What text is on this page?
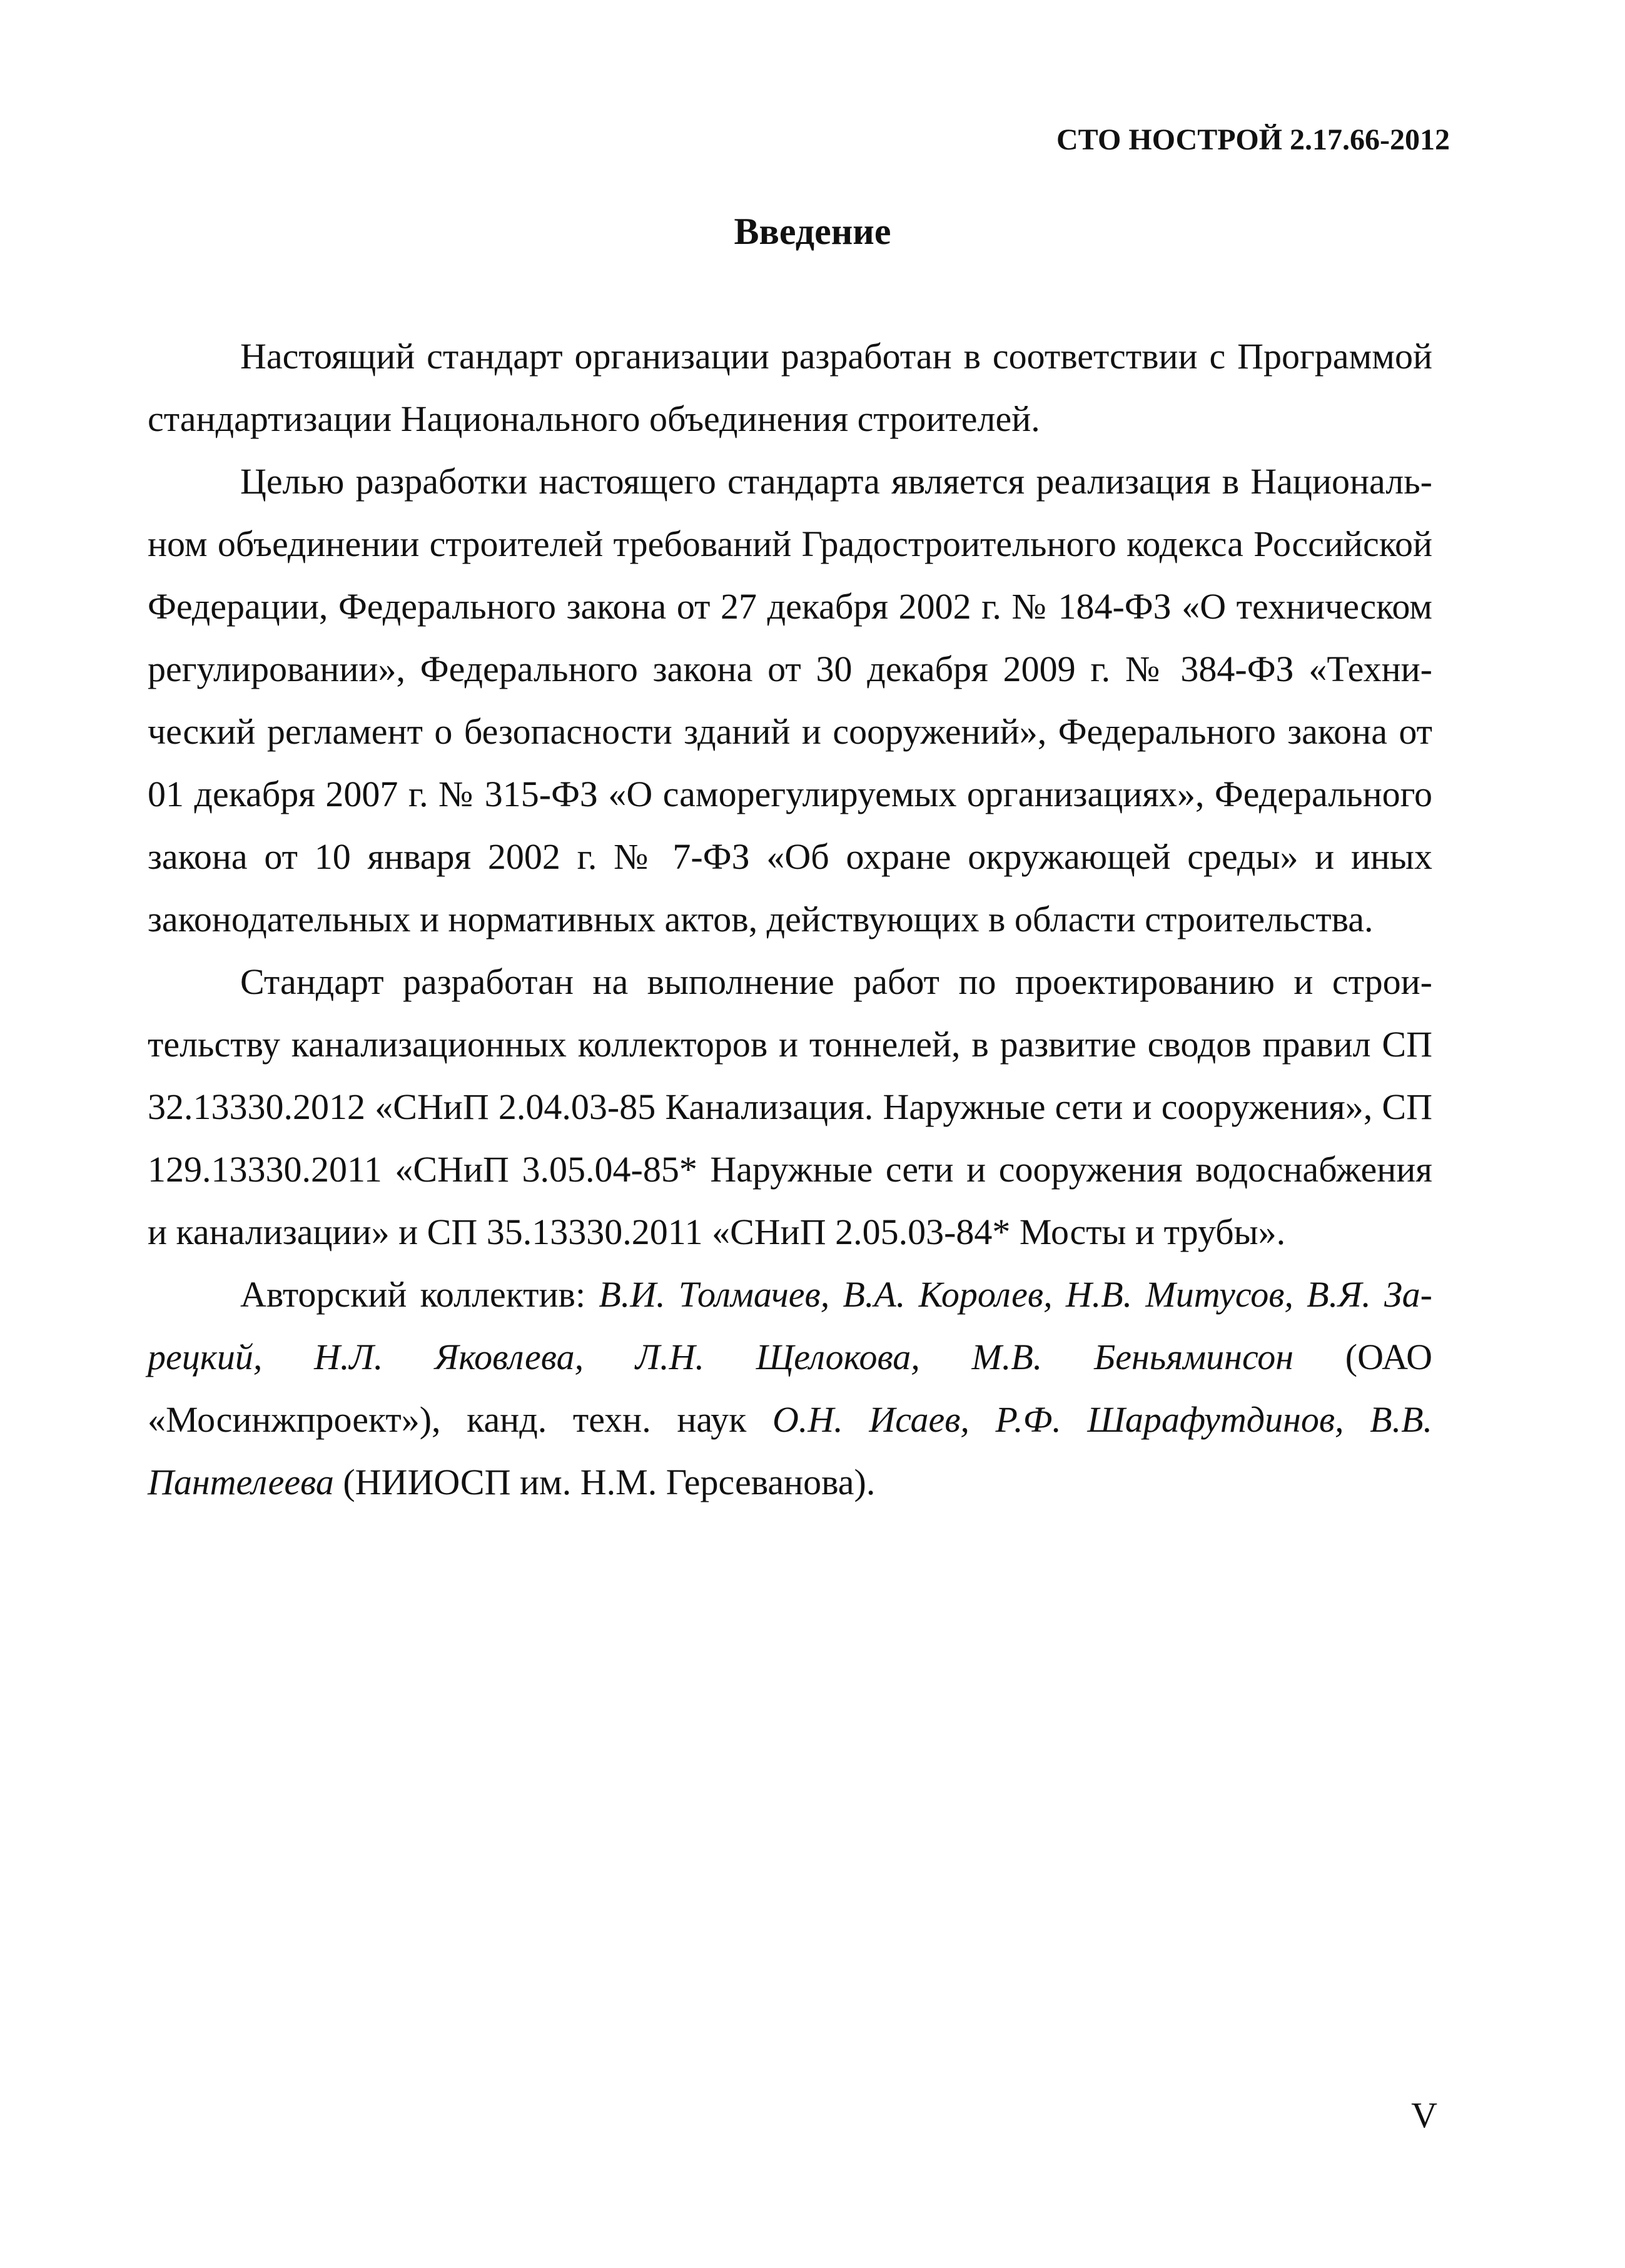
СТО НОСТРОЙ 2.17.66-2012
Введение

Настоящий стандарт организации разработан в соответствии с Программой стандартизации Национального объединения строителей.

Целью разработки настоящего стандарта является реализация в Национальном объединении строителей требований Градостроительного кодекса Российской Федерации, Федерального закона от 27 декабря 2002 г. № 184-ФЗ «О техническом регулировании», Федерального закона от 30 декабря 2009 г. № 384-ФЗ «Технический регламент о безопасности зданий и сооружений», Федерального закона от 01 декабря 2007 г. № 315-ФЗ «О саморегулируемых организациях», Федерального закона от 10 января 2002 г. № 7-ФЗ «Об охране окружающей среды» и иных законодательных и нормативных актов, действующих в области строительства.

Стандарт разработан на выполнение работ по проектированию и строительству канализационных коллекторов и тоннелей, в развитие сводов правил СП 32.13330.2012 «СНиП 2.04.03-85 Канализация. Наружные сети и сооружения», СП 129.13330.2011 «СНиП 3.05.04-85* Наружные сети и сооружения водоснабжения и канализации» и СП 35.13330.2011 «СНиП 2.05.03-84* Мосты и трубы».

Авторский коллектив: В.И. Толмачев, В.А. Королев, Н.В. Митусов, В.Я. Зарецкий, Н.Л. Яковлева, Л.Н. Щелокова, М.В. Беньяминсон (ОАО «Мосинжпроект»), канд. техн. наук О.Н. Исаев, Р.Ф. Шарафутдинов, В.В. Пантелеева (НИИОСП им. Н.М. Герсеванова).

V
